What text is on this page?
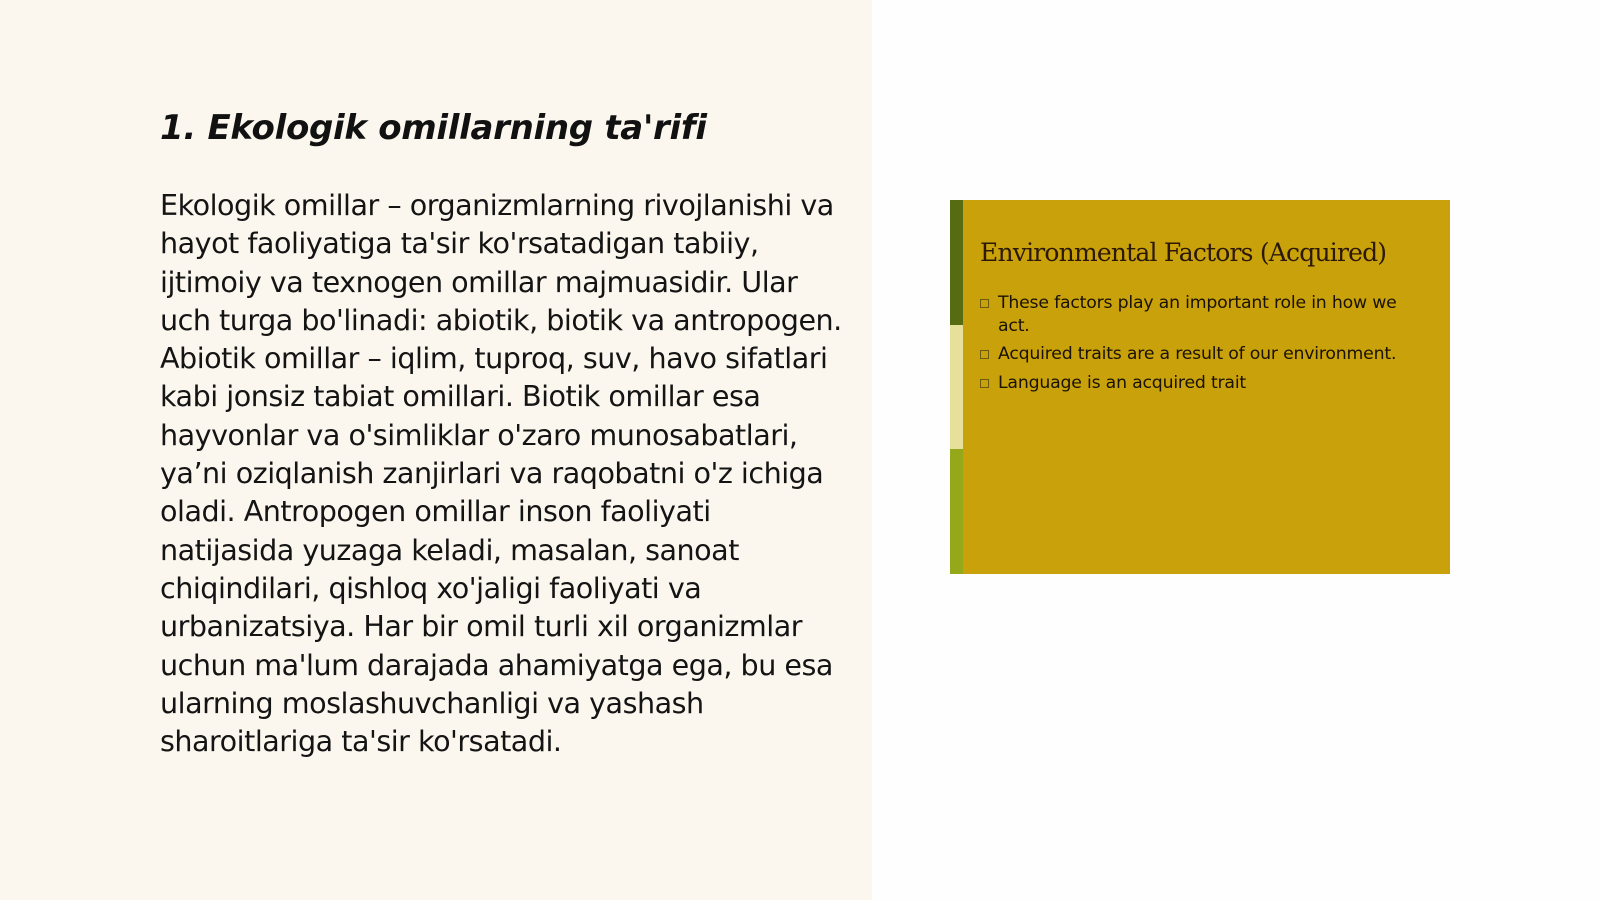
1. Ekologik omillarning ta'rifi

Ekologik omillar – organizmlarning rivojlanishi va hayot faoliyatiga ta'sir ko'rsatadigan tabiiy, ijtimoiy va texnogen omillar majmuasidir. Ular uch turga bo'linadi: abiotik, biotik va antropogen. Abiotik omillar – iqlim, tuproq, suv, havo sifatlari kabi jonsiz tabiat omillari. Biotik omillar esa hayvonlar va o'simliklar o'zaro munosabatlari, ya’ni oziqlanish zanjirlari va raqobatni o'z ichiga oladi. Antropogen omillar inson faoliyati natijasida yuzaga keladi, masalan, sanoat chiqindilari, qishloq xo'jaligi faoliyati va urbanizatsiya. Har bir omil turli xil organizmlar uchun ma'lum darajada ahamiyatga ega, bu esa ularning moslashuvchanligi va yashash sharoitlariga ta'sir ko'rsatadi.

Environmental Factors (Acquired)
These factors play an important role in how we act.
Acquired traits are a result of our environment.
Language is an acquired trait
